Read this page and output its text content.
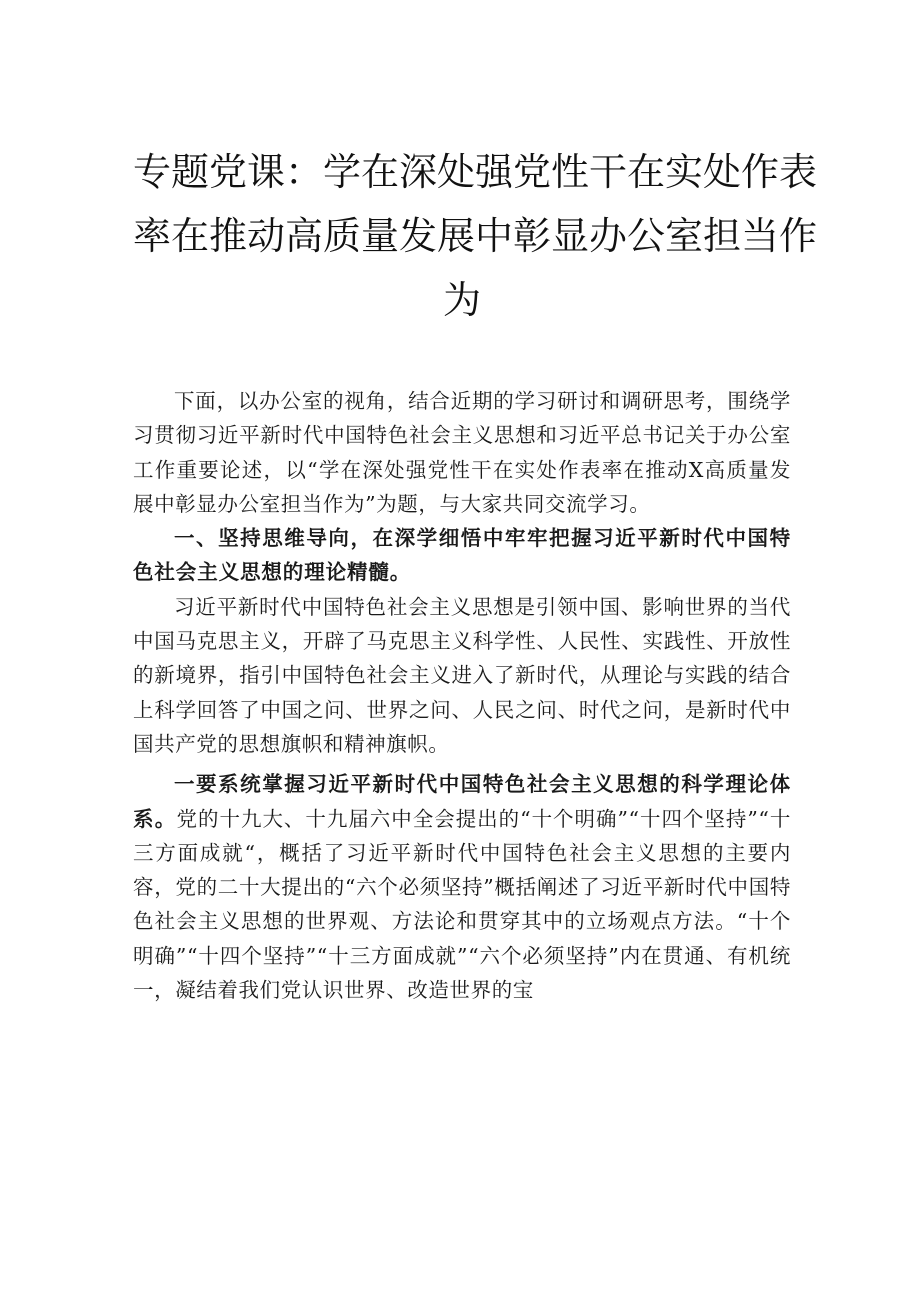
专题党课：学在深处强党性干在实处作表
率在推动高质量发展中彰显办公室担当作
为

下面，以办公室的视角，结合近期的学习研讨和调研思考，围绕学习贯彻习近平新时代中国特色社会主义思想和习近平总书记关于办公室工作重要论述，以“学在深处强党性干在实处作表率在推动X高质量发展中彰显办公室担当作为”为题，与大家共同交流学习。

一、坚持思维导向，在深学细悟中牢牢把握习近平新时代中国特色社会主义思想的理论精髓。

习近平新时代中国特色社会主义思想是引领中国、影响世界的当代中国马克思主义，开辟了马克思主义科学性、人民性、实践性、开放性的新境界，指引中国特色社会主义进入了新时代，从理论与实践的结合上科学回答了中国之问、世界之问、人民之问、时代之问，是新时代中国共产党的思想旗帜和精神旗帜。

一要系统掌握习近平新时代中国特色社会主义思想的科学理论体系。党的十九大、十九届六中全会提出的“十个明确”“十四个坚持”“十三方面成就“，概括了习近平新时代中国特色社会主义思想的主要内容，党的二十大提出的“六个必须坚持”概括阐述了习近平新时代中国特色社会主义思想的世界观、方法论和贯穿其中的立场观点方法。“十个明确”“十四个坚持”“十三方面成就”“六个必须坚持”内在贯通、有机统一，凝结着我们党认识世界、改造世界的宝
